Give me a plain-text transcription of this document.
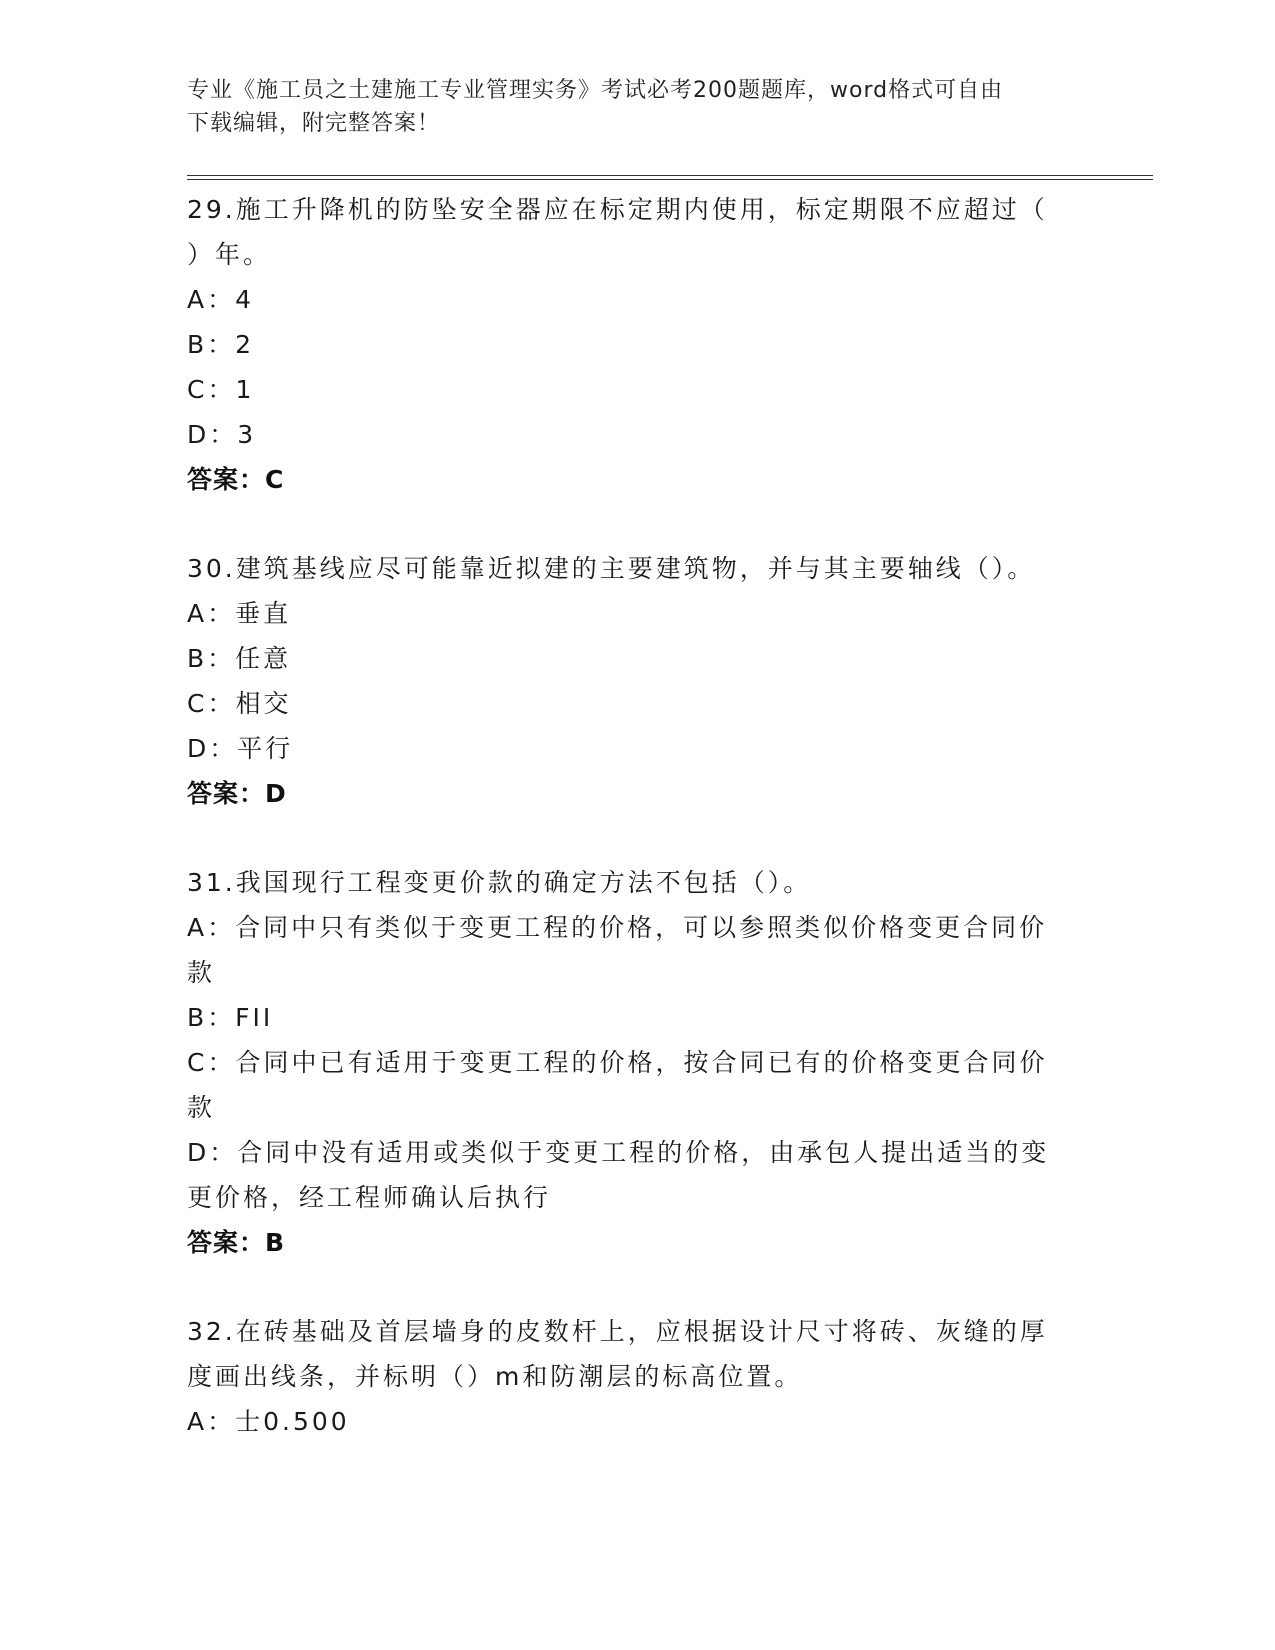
专业《施工员之土建施工专业管理实务》考试必考200题题库，word格式可自由
下载编辑，附完整答案！
29.施工升降机的防坠安全器应在标定期内使用，标定期限不应超过（
）年。
A：4
B：2
C：1
D：3
答案：C
30.建筑基线应尽可能靠近拟建的主要建筑物，并与其主要轴线（）。
A：垂直
B：任意
C：相交
D：平行
答案：D
31.我国现行工程变更价款的确定方法不包括（）。
A：合同中只有类似于变更工程的价格，可以参照类似价格变更合同价
款
B：FII
C：合同中已有适用于变更工程的价格，按合同已有的价格变更合同价
款
D：合同中没有适用或类似于变更工程的价格，由承包人提出适当的变
更价格，经工程师确认后执行
答案：B
32.在砖基础及首层墙身的皮数杆上，应根据设计尺寸将砖、灰缝的厚
度画出线条，并标明（）m和防潮层的标高位置。
A：士0.500
